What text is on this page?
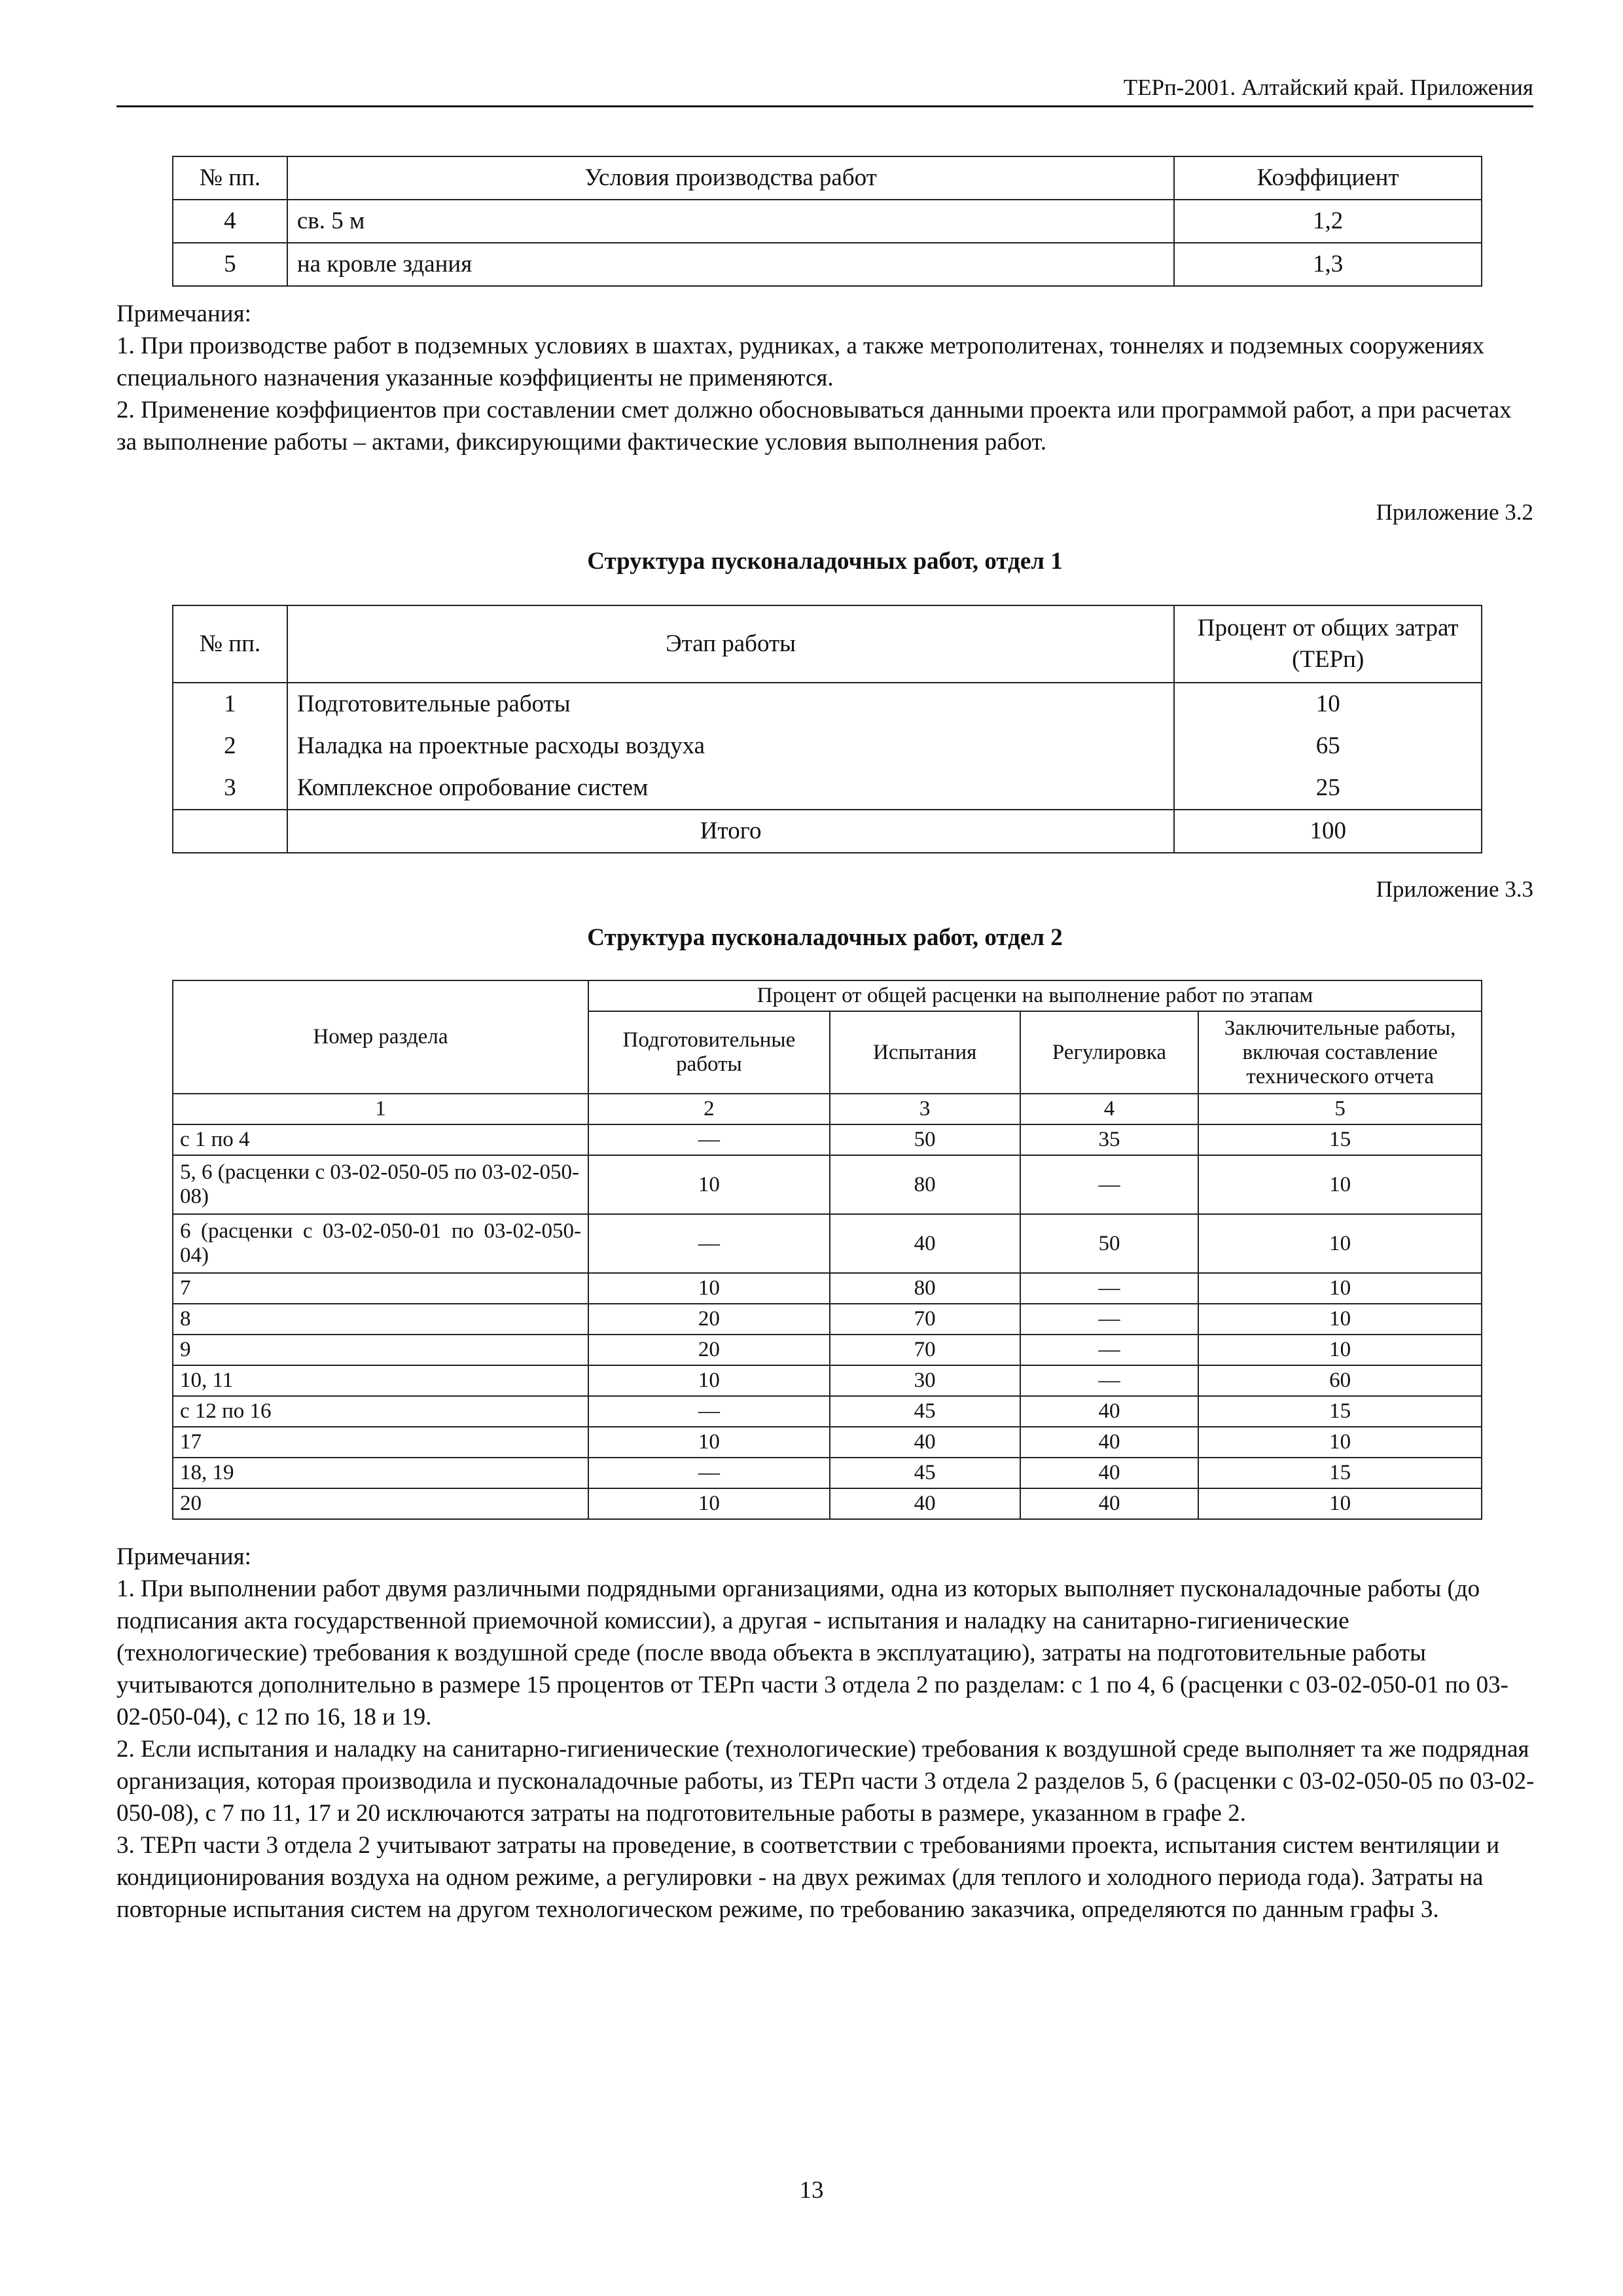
ТЕРп-2001. Алтайский край. Приложения
№ пп.	Условия производства работ	Коэффициент
4	св. 5 м	1,2
5	на кровле здания	1,3

Примечания:

1. При производстве работ в подземных условиях в шахтах, рудниках, а также метрополитенах, тоннелях и подземных сооружениях специального назначения указанные коэффициенты не применяются.

2. Применение коэффициентов при составлении смет должно обосновываться данными проекта или программой работ, а при расчетах за выполнение работы – актами, фиксирующими фактические условия выполнения работ.

Приложение 3.2
Структура пусконаладочных работ, отдел 1
№ пп.	Этап работы	Процент от общих затрат (ТЕРп)
1	Подготовительные работы	10
2	Наладка на проектные расходы воздуха	65
3	Комплексное опробование систем	25
	Итого	100
Приложение 3.3
Структура пусконаладочных работ, отдел 2
Номер раздела	Процент от общей расценки на выполнение работ по этапам			
	Подготовительные работы	Испытания	Регулировка	Заключительные работы, включая составление технического отчета
1	2	3	4	5
с 1 по 4	—	50	35	15
5, 6 (расценки с 03-02-050-05 по 03-02-050-08)	10	80	—	10
6 (расценки с 03-02-050-01 по 03-02-050-04)	—	40	50	10
7	10	80	—	10
8	20	70	—	10
9	20	70	—	10
10, 11	10	30	—	60
с 12 по 16	—	45	40	15
17	10	40	40	10
18, 19	—	45	40	15
20	10	40	40	10

Примечания:

1. При выполнении работ двумя различными подрядными организациями, одна из которых выполняет пусконаладочные работы (до подписания акта государственной приемочной комиссии), а другая - испытания и наладку на санитарно-гигиенические (технологические) требования к воздушной среде (после ввода объекта в эксплуатацию), затраты на подготовительные работы учитываются дополнительно в размере 15 процентов от ТЕРп части 3 отдела 2 по разделам: с 1 по 4, 6 (расценки с 03-02-050-01 по 03-02-050-04), с 12 по 16, 18 и 19.

2. Если испытания и наладку на санитарно-гигиенические (технологические) требования к воздушной среде выполняет та же подрядная организация, которая производила и пусконаладочные работы, из ТЕРп части 3 отдела 2 разделов 5, 6 (расценки с 03-02-050-05 по 03-02-050-08), с 7 по 11, 17 и 20 исключаются затраты на подготовительные работы в размере, указанном в графе 2.

3. ТЕРп части 3 отдела 2 учитывают затраты на проведение, в соответствии с требованиями проекта, испытания систем вентиляции и кондиционирования воздуха на одном режиме, а регулировки - на двух режимах (для теплого и холодного периода года). Затраты на повторные испытания систем на другом технологическом режиме, по требованию заказчика, определяются по данным графы 3.

13
